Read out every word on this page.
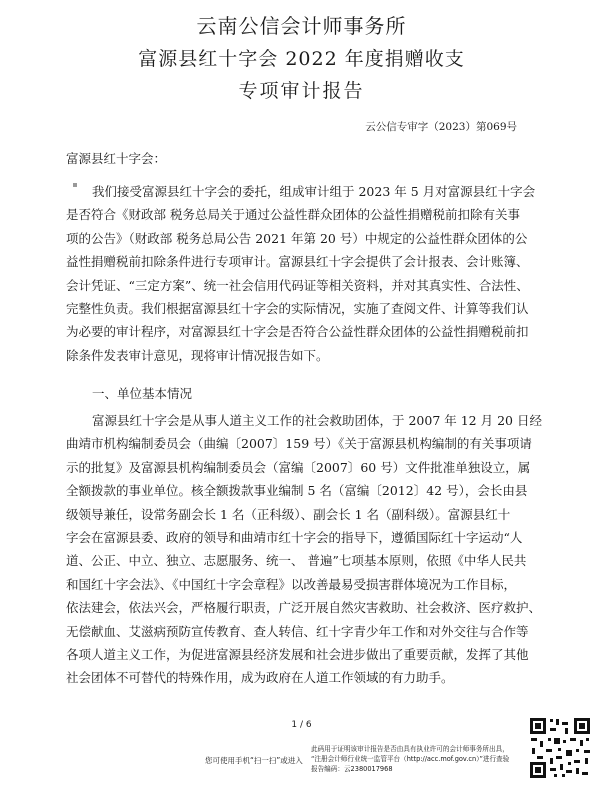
云南公信会计师事务所
富源县红十字会 2022 年度捐赠收支
专项审计报告
云公信专审字（2023）第069号
富源县红十字会：

我们接受富源县红十字会的委托，组成审计组于 2023 年 5 月对富源县红十字会
是否符合《财政部 税务总局关于通过公益性群众团体的公益性捐赠税前扣除有关事
项的公告》（财政部 税务总局公告 2021 年第 20 号）中规定的公益性群众团体的公
益性捐赠税前扣除条件进行专项审计。富源县红十字会提供了会计报表、会计账簿、
会计凭证、“三定方案”、统一社会信用代码证等相关资料，并对其真实性、合法性、
完整性负责。我们根据富源县红十字会的实际情况，实施了查阅文件、计算等我们认
为必要的审计程序，对富源县红十字会是否符合公益性群众团体的公益性捐赠税前扣
除条件发表审计意见，现将审计情况报告如下。

一、单位基本情况

富源县红十字会是从事人道主义工作的社会救助团体，于 2007 年 12 月 20 日经
曲靖市机构编制委员会（曲编〔2007〕159 号）《关于富源县机构编制的有关事项请
示的批复》及富源县机构编制委员会（富编〔2007〕60 号）文件批准单独设立，属
全额拨款的事业单位。核全额拨款事业编制 5 名（富编〔2012〕42 号），会长由县
级领导兼任，设常务副会长 1 名（正科级）、副会长 1 名（副科级）。富源县红十
字会在富源县委、政府的领导和曲靖市红十字会的指导下，遵循国际红十字运动“人
道、公正、中立、独立、志愿服务、统一、 普遍”七项基本原则，依照《中华人民共
和国红十字会法》、《中国红十字会章程》以改善最易受损害群体境况为工作目标，
依法建会，依法兴会，严格履行职责，广泛开展自然灾害救助、社会救济、医疗救护、
无偿献血、艾滋病预防宣传教育、查人转信、红十字青少年工作和对外交往与合作等
各项人道主义工作，为促进富源县经济发展和社会进步做出了重要贡献，发挥了其他
社会团体不可替代的特殊作用，成为政府在人道工作领域的有力助手。

1 / 6
您可使用手机“扫一扫”或进入
此码用于证明该审计报告是否由具有执业许可的会计师事务所出具，
“注册会计师行业统一监管平台（http://acc.mof.gov.cn）”进行查验
报告编码：云2380017968
